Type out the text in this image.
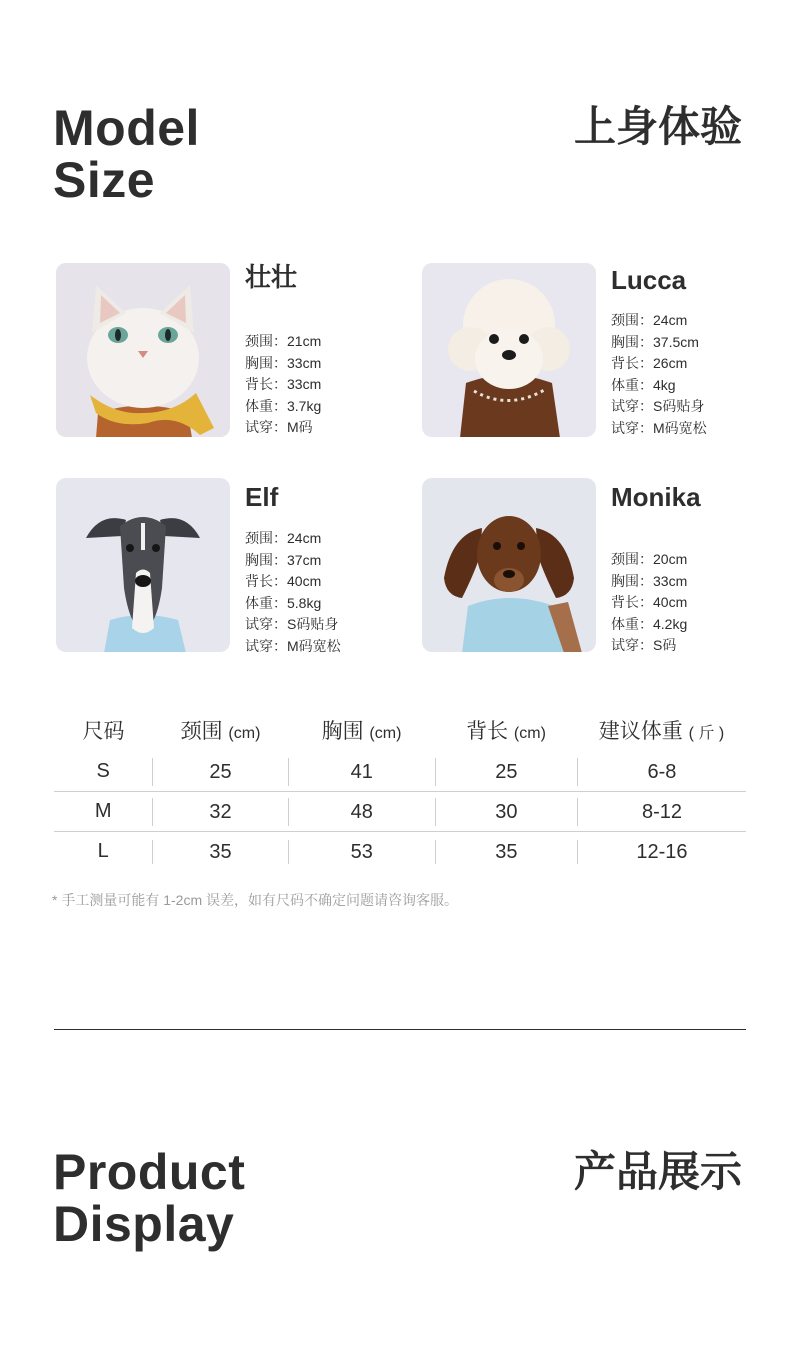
Model
Size
上身体验
壮壮
颈围：21cm
胸围：33cm
背长：33cm
体重：3.7kg
试穿：M码
Lucca
颈围：24cm
胸围：37.5cm
背长：26cm
体重：4kg
试穿：S码贴身
试穿：M码宽松
Elf
颈围：24cm
胸围：37cm
背长：40cm
体重：5.8kg
试穿：S码贴身
试穿：M码宽松
Monika
颈围：20cm
胸围：33cm
背长：40cm
体重：4.2kg
试穿：S码
尺码	颈围 (cm)	胸围 (cm)	背长 (cm)	建议体重 ( 斤 )
S	25	41	25	6-8
M	32	48	30	8-12
L	35	53	35	12-16
* 手工测量可能有 1-2cm 误差，如有尺码不确定问题请咨询客服。
Product
Display
产品展示
